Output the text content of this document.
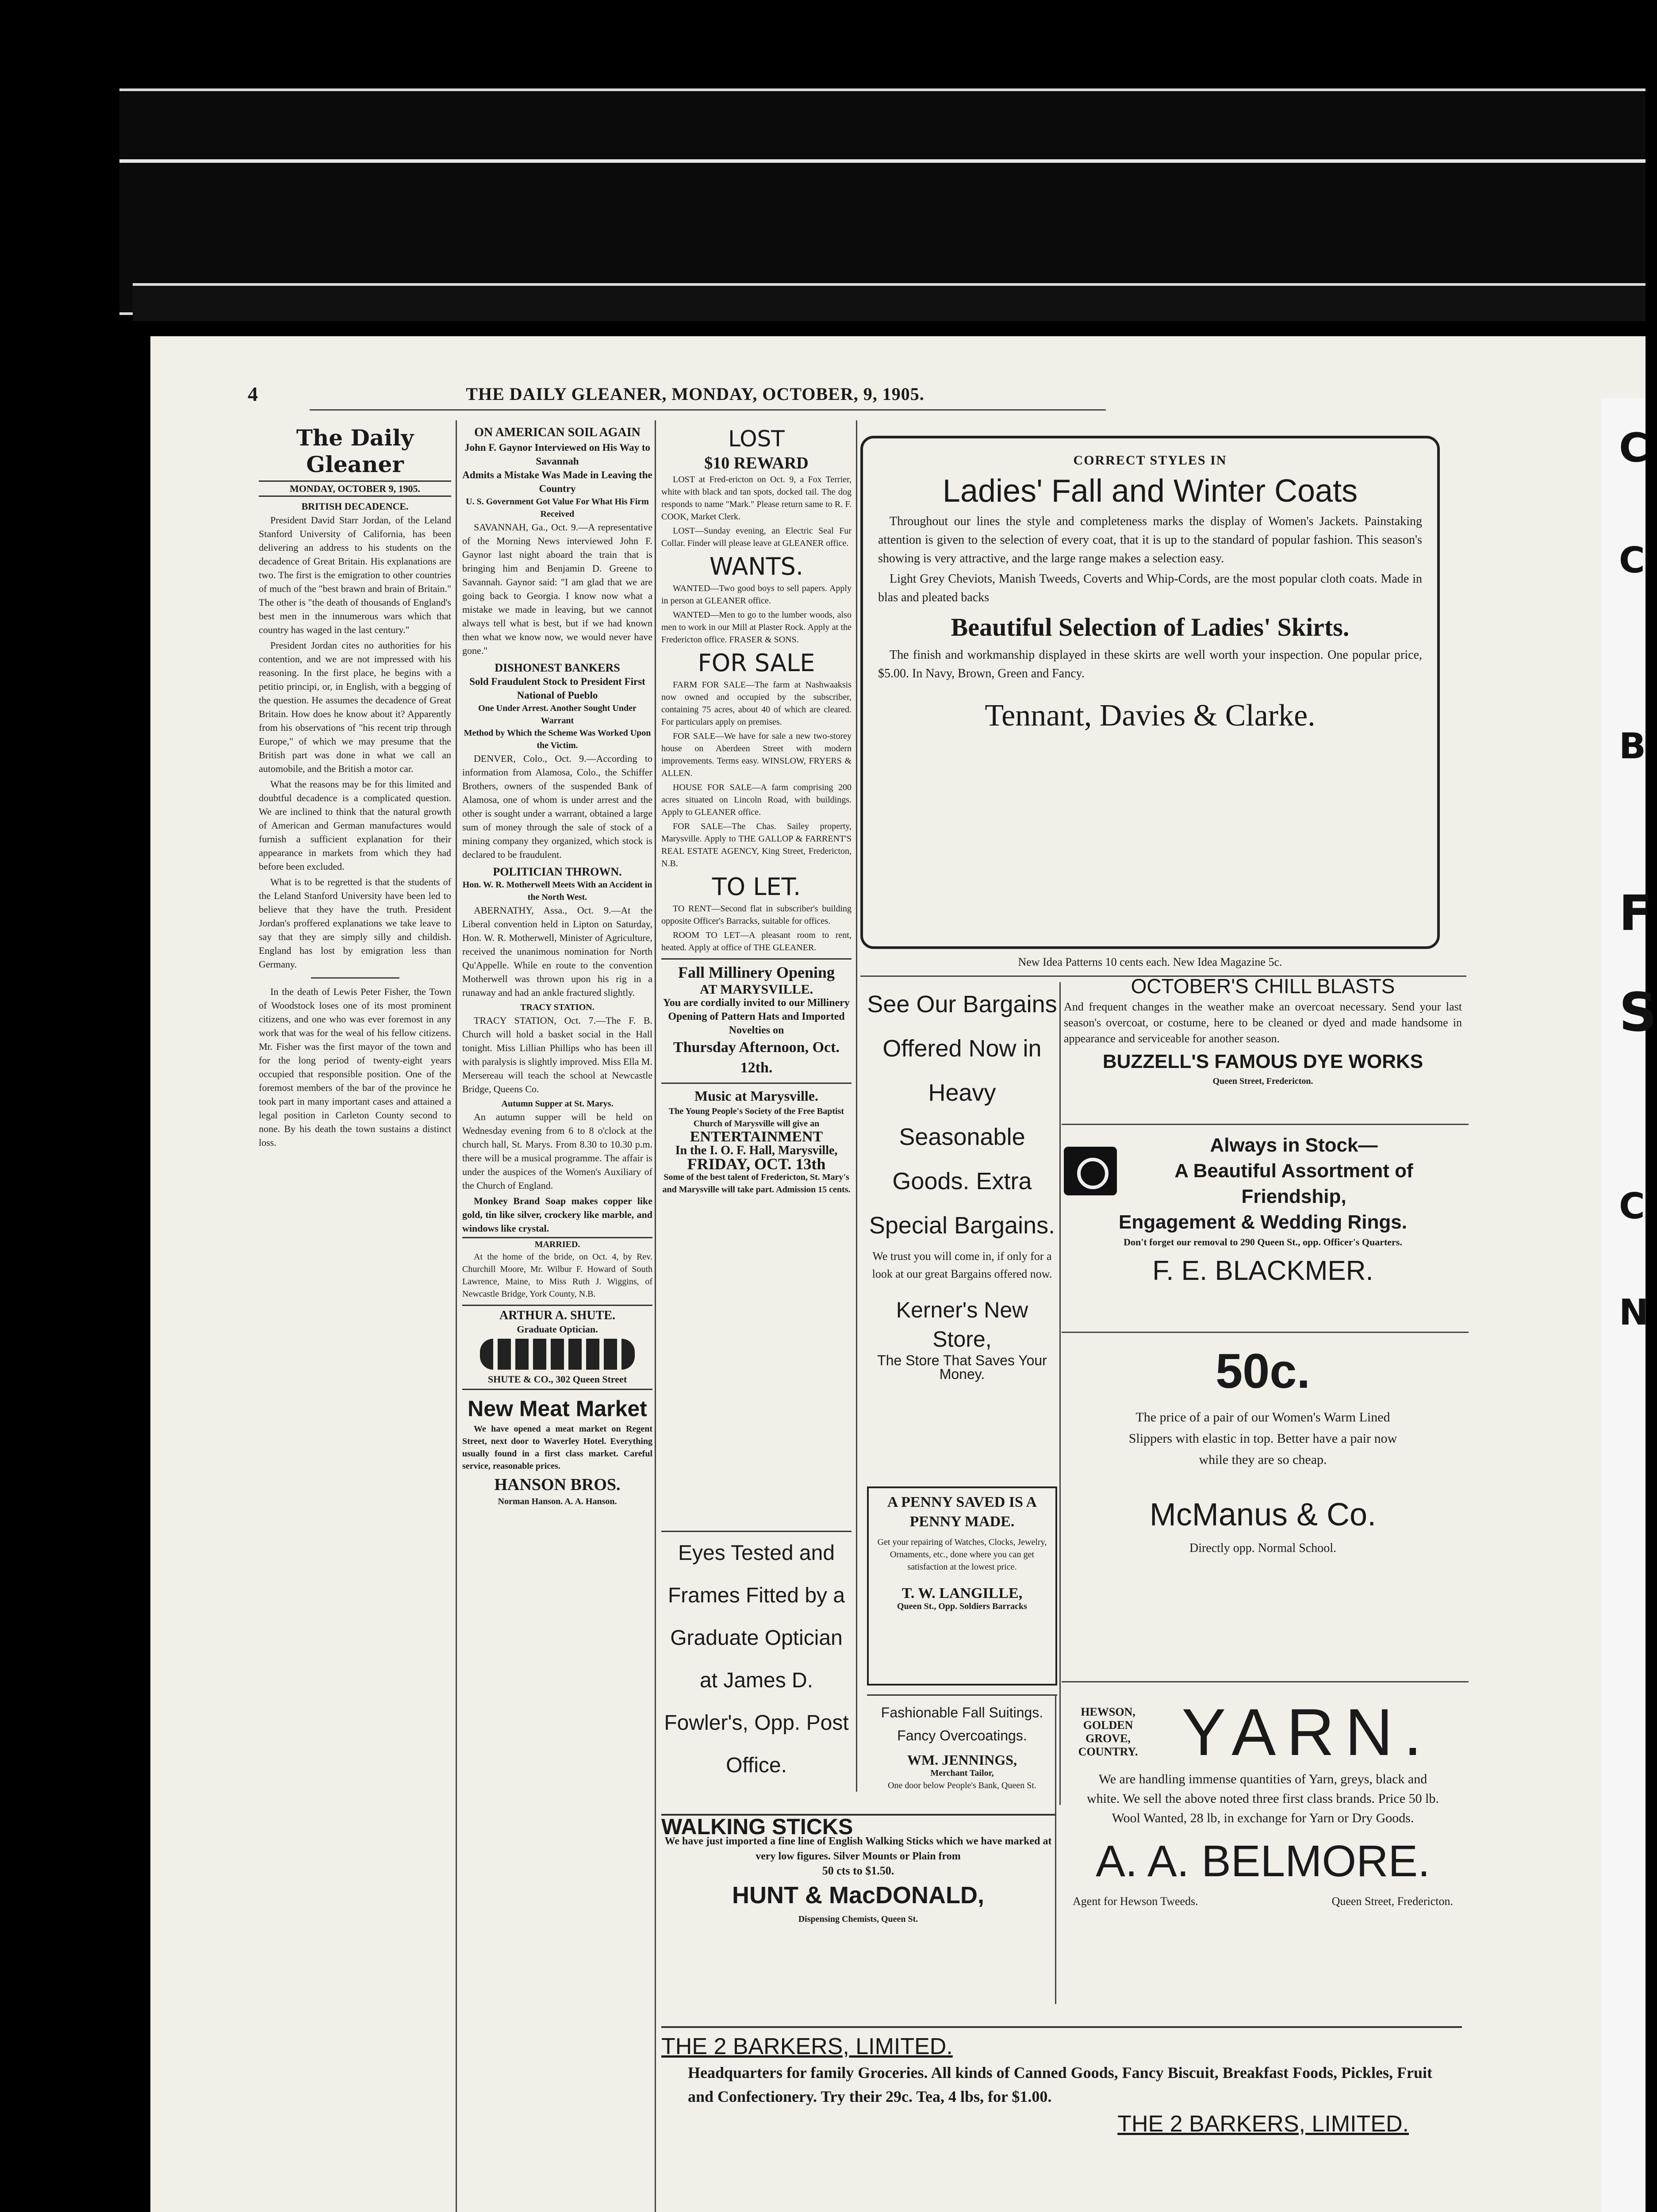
C
C
B
F
S
C
N
4	THE DAILY GLEANER, MONDAY, OCTOBER, 9, 1905.
The Daily Gleaner
MONDAY, OCTOBER 9, 1905.
BRITISH DECADENCE.

President David Starr Jordan, of the Leland Stanford University of California, has been delivering an address to his students on the decadence of Great Britain. His explanations are two. The first is the emigration to other countries of much of the "best brawn and brain of Britain." The other is "the death of thousands of England's best men in the innumerous wars which that country has waged in the last century."

President Jordan cites no authorities for his contention, and we are not impressed with his reasoning. In the first place, he begins with a petitio principi, or, in English, with a begging of the question. He assumes the decadence of Great Britain. How does he know about it? Apparently from his observations of "his recent trip through Europe," of which we may presume that the British part was done in what we call an automobile, and the British a motor car.

What the reasons may be for this limited and doubtful decadence is a complicated question. We are inclined to think that the natural growth of American and German manufactures would furnish a sufficient explanation for their appearance in markets from which they had before been excluded.

What is to be regretted is that the students of the Leland Stanford University have been led to believe that they have the truth. President Jordan's proffered explanations we take leave to say that they are simply silly and childish. England has lost by emigration less than Germany.

In the death of Lewis Peter Fisher, the Town of Woodstock loses one of its most prominent citizens, and one who was ever foremost in any work that was for the weal of his fellow citizens. Mr. Fisher was the first mayor of the town and for the long period of twenty-eight years occupied that responsible position. One of the foremost members of the bar of the province he took part in many important cases and attained a legal position in Carleton County second to none. By his death the town sustains a distinct loss.

ON AMERICAN SOIL AGAIN
John F. Gaynor Interviewed on His Way to Savannah
Admits a Mistake Was Made in Leaving the Country
U. S. Government Got Value For What His Firm Received

SAVANNAH, Ga., Oct. 9.—A representative of the Morning News interviewed John F. Gaynor last night aboard the train that is bringing him and Benjamin D. Greene to Savannah. Gaynor said: "I am glad that we are going back to Georgia. I know now what a mistake we made in leaving, but we cannot always tell what is best, but if we had known then what we know now, we would never have gone."

DISHONEST BANKERS
Sold Fraudulent Stock to President First National of Pueblo
One Under Arrest. Another Sought Under Warrant
Method by Which the Scheme Was Worked Upon the Victim.

DENVER, Colo., Oct. 9.—According to information from Alamosa, Colo., the Schiffer Brothers, owners of the suspended Bank of Alamosa, one of whom is under arrest and the other is sought under a warrant, obtained a large sum of money through the sale of stock of a mining company they organized, which stock is declared to be fraudulent.

POLITICIAN THROWN.
Hon. W. R. Motherwell Meets With an Accident in the North West.

ABERNATHY, Assa., Oct. 9.—At the Liberal convention held in Lipton on Saturday, Hon. W. R. Motherwell, Minister of Agriculture, received the unanimous nomination for North Qu'Appelle. While en route to the convention Motherwell was thrown upon his rig in a runaway and had an ankle fractured slightly.

TRACY STATION.

TRACY STATION, Oct. 7.—The F. B. Church will hold a basket social in the Hall tonight. Miss Lillian Phillips who has been ill with paralysis is slightly improved. Miss Ella M. Mersereau will teach the school at Newcastle Bridge, Queens Co.

Autumn Supper at St. Marys.

An autumn supper will be held on Wednesday evening from 6 to 8 o'clock at the church hall, St. Marys. From 8.30 to 10.30 p.m. there will be a musical programme. The affair is under the auspices of the Women's Auxiliary of the Church of England.

Monkey Brand Soap makes copper like gold, tin like silver, crockery like marble, and windows like crystal.

MARRIED.

At the home of the bride, on Oct. 4, by Rev. Churchill Moore, Mr. Wilbur F. Howard of South Lawrence, Maine, to Miss Ruth J. Wiggins, of Newcastle Bridge, York County, N.B.

ARTHUR A. SHUTE.
Graduate Optician.
SHUTE & CO., 302 Queen Street
New Meat Market

We have opened a meat market on Regent Street, next door to Waverley Hotel. Everything usually found in a first class market. Careful service, reasonable prices.

HANSON BROS.
Norman Hanson. A. A. Hanson.
LOST
$10 REWARD

LOST at Fred-ericton on Oct. 9, a Fox Terrier, white with black and tan spots, docked tail. The dog responds to name "Mark." Please return same to R. F. COOK, Market Clerk.

LOST—Sunday evening, an Electric Seal Fur Collar. Finder will please leave at GLEANER office.

WANTS.

WANTED—Two good boys to sell papers. Apply in person at GLEANER office.

WANTED—Men to go to the lumber woods, also men to work in our Mill at Plaster Rock. Apply at the Fredericton office. FRASER & SONS.

FOR SALE

FARM FOR SALE—The farm at Nashwaaksis now owned and occupied by the subscriber, containing 75 acres, about 40 of which are cleared. For particulars apply on premises.

FOR SALE—We have for sale a new two-storey house on Aberdeen Street with modern improvements. Terms easy. WINSLOW, FRYERS & ALLEN.

HOUSE FOR SALE—A farm comprising 200 acres situated on Lincoln Road, with buildings. Apply to GLEANER office.

FOR SALE—The Chas. Sailey property, Marysville. Apply to THE GALLOP & FARRENT'S REAL ESTATE AGENCY, King Street, Fredericton, N.B.

TO LET.

TO RENT—Second flat in subscriber's building opposite Officer's Barracks, suitable for offices.

ROOM TO LET—A pleasant room to rent, heated. Apply at office of THE GLEANER.

Fall Millinery Opening
AT MARYSVILLE.
You are cordially invited to our Millinery Opening of Pattern Hats and Imported Novelties on
Thursday Afternoon, Oct. 12th.
Music at Marysville.
The Young People's Society of the Free Baptist Church of Marysville will give an
ENTERTAINMENT
In the I. O. F. Hall, Marysville,
FRIDAY, OCT. 13th
Some of the best talent of Fredericton, St. Mary's and Marysville will take part. Admission 15 cents.
Eyes Tested and Frames Fitted by a Graduate Optician at James D. Fowler's, Opp. Post Office.
CORRECT STYLES IN
Ladies' Fall and Winter Coats

Throughout our lines the style and completeness marks the display of Women's Jackets. Painstaking attention is given to the selection of every coat, that it is up to the standard of popular fashion. This season's showing is very attractive, and the large range makes a selection easy.

Light Grey Cheviots, Manish Tweeds, Coverts and Whip-Cords, are the most popular cloth coats. Made in blas and pleated backs

Beautiful Selection of Ladies' Skirts.

The finish and workmanship displayed in these skirts are well worth your inspection. One popular price, $5.00. In Navy, Brown, Green and Fancy.

Tennant, Davies & Clarke.
New Idea Patterns 10 cents each. New Idea Magazine 5c.
See Our Bargains Offered Now in Heavy Seasonable Goods. Extra Special Bargains.
We trust you will come in, if only for a look at our great Bargains offered now.
Kerner's New Store,
The Store That Saves Your Money.
A PENNY SAVED IS A PENNY MADE.
Get your repairing of Watches, Clocks, Jewelry, Ornaments, etc., done where you can get satisfaction at the lowest price.
T. W. LANGILLE,
Queen St., Opp. Soldiers Barracks
Fashionable Fall Suitings. Fancy Overcoatings.
WM. JENNINGS,
Merchant Tailor,
One door below People's Bank, Queen St.
WALKING STICKS
We have just imported a fine line of English Walking Sticks which we have marked at very low figures. Silver Mounts or Plain from
50 cts to $1.50.
HUNT & MacDONALD,
Dispensing Chemists, Queen St.
OCTOBER'S CHILL BLASTS

And frequent changes in the weather make an overcoat necessary. Send your last season's overcoat, or costume, here to be cleaned or dyed and made handsome in appearance and serviceable for another season.

BUZZELL'S FAMOUS DYE WORKS
Queen Street, Fredericton.
Always in Stock—
A Beautiful Assortment of Friendship,
Engagement & Wedding Rings.
Don't forget our removal to 290 Queen St., opp. Officer's Quarters.
F. E. BLACKMER.
50c.
The price of a pair of our Women's Warm Lined Slippers with elastic in top. Better have a pair now while they are so cheap.
McManus & Co.
Directly opp. Normal School.
HEWSON, GOLDEN GROVE, COUNTRY. YARN.
We are handling immense quantities of Yarn, greys, black and white. We sell the above noted three first class brands. Price 50 lb. Wool Wanted, 28 lb, in exchange for Yarn or Dry Goods.
A. A. BELMORE.
Agent for Hewson Tweeds.	Queen Street, Fredericton.
THE 2 BARKERS, LIMITED.
Headquarters for family Groceries. All kinds of Canned Goods, Fancy Biscuit, Breakfast Foods, Pickles, Fruit and Confectionery. Try their 29c. Tea, 4 lbs, for $1.00.
THE 2 BARKERS, LIMITED.
